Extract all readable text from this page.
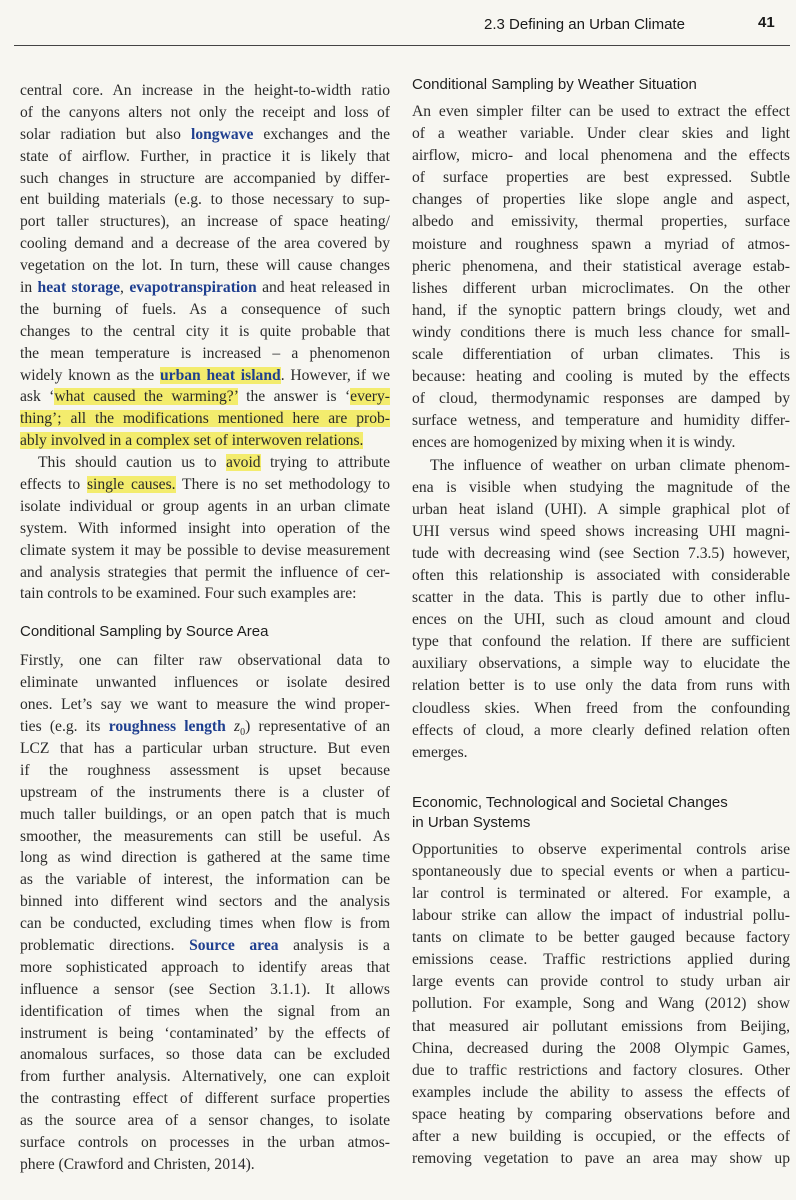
2.3 Defining an Urban Climate	41
central core. An increase in the height-to-width ratio
of the canyons alters not only the receipt and loss of
solar radiation but also longwave exchanges and the
state of airflow. Further, in practice it is likely that
such changes in structure are accompanied by differ-
ent building materials (e.g. to those necessary to sup-
port taller structures), an increase of space heating/
cooling demand and a decrease of the area covered by
vegetation on the lot. In turn, these will cause changes
in heat storage, evapotranspiration and heat released in
the burning of fuels. As a consequence of such
changes to the central city it is quite probable that
the mean temperature is increased – a phenomenon
widely known as the urban heat island. However, if we
ask ‘what caused the warming?’ the answer is ‘every-
thing’; all the modifications mentioned here are prob-
ably involved in a complex set of interwoven relations.
This should caution us to avoid trying to attribute
effects to single causes. There is no set methodology to
isolate individual or group agents in an urban climate
system. With informed insight into operation of the
climate system it may be possible to devise measurement
and analysis strategies that permit the influence of cer-
tain controls to be examined. Four such examples are:
Conditional Sampling by Source Area
Firstly, one can filter raw observational data to
eliminate unwanted influences or isolate desired
ones. Let’s say we want to measure the wind proper-
ties (e.g. its roughness length $z_0$) representative of an
LCZ that has a particular urban structure. But even
if the roughness assessment is upset because
upstream of the instruments there is a cluster of
much taller buildings, or an open patch that is much
smoother, the measurements can still be useful. As
long as wind direction is gathered at the same time
as the variable of interest, the information can be
binned into different wind sectors and the analysis
can be conducted, excluding times when flow is from
problematic directions. Source area analysis is a
more sophisticated approach to identify areas that
influence a sensor (see Section 3.1.1). It allows
identification of times when the signal from an
instrument is being ‘contaminated’ by the effects of
anomalous surfaces, so those data can be excluded
from further analysis. Alternatively, one can exploit
the contrasting effect of different surface properties
as the source area of a sensor changes, to isolate
surface controls on processes in the urban atmos-
phere (Crawford and Christen, 2014).
Conditional Sampling by Weather Situation
An even simpler filter can be used to extract the effect
of a weather variable. Under clear skies and light
airflow, micro- and local phenomena and the effects
of surface properties are best expressed. Subtle
changes of properties like slope angle and aspect,
albedo and emissivity, thermal properties, surface
moisture and roughness spawn a myriad of atmos-
pheric phenomena, and their statistical average estab-
lishes different urban microclimates. On the other
hand, if the synoptic pattern brings cloudy, wet and
windy conditions there is much less chance for small-
scale differentiation of urban climates. This is
because: heating and cooling is muted by the effects
of cloud, thermodynamic responses are damped by
surface wetness, and temperature and humidity differ-
ences are homogenized by mixing when it is windy.
The influence of weather on urban climate phenom-
ena is visible when studying the magnitude of the
urban heat island (UHI). A simple graphical plot of
UHI versus wind speed shows increasing UHI magni-
tude with decreasing wind (see Section 7.3.5) however,
often this relationship is associated with considerable
scatter in the data. This is partly due to other influ-
ences on the UHI, such as cloud amount and cloud
type that confound the relation. If there are sufficient
auxiliary observations, a simple way to elucidate the
relation better is to use only the data from runs with
cloudless skies. When freed from the confounding
effects of cloud, a more clearly defined relation often
emerges.
Economic, Technological and Societal Changes
in Urban Systems
Opportunities to observe experimental controls arise
spontaneously due to special events or when a particu-
lar control is terminated or altered. For example, a
labour strike can allow the impact of industrial pollu-
tants on climate to be better gauged because factory
emissions cease. Traffic restrictions applied during
large events can provide control to study urban air
pollution. For example, Song and Wang (2012) show
that measured air pollutant emissions from Beijing,
China, decreased during the 2008 Olympic Games,
due to traffic restrictions and factory closures. Other
examples include the ability to assess the effects of
space heating by comparing observations before and
after a new building is occupied, or the effects of
removing vegetation to pave an area may show up
